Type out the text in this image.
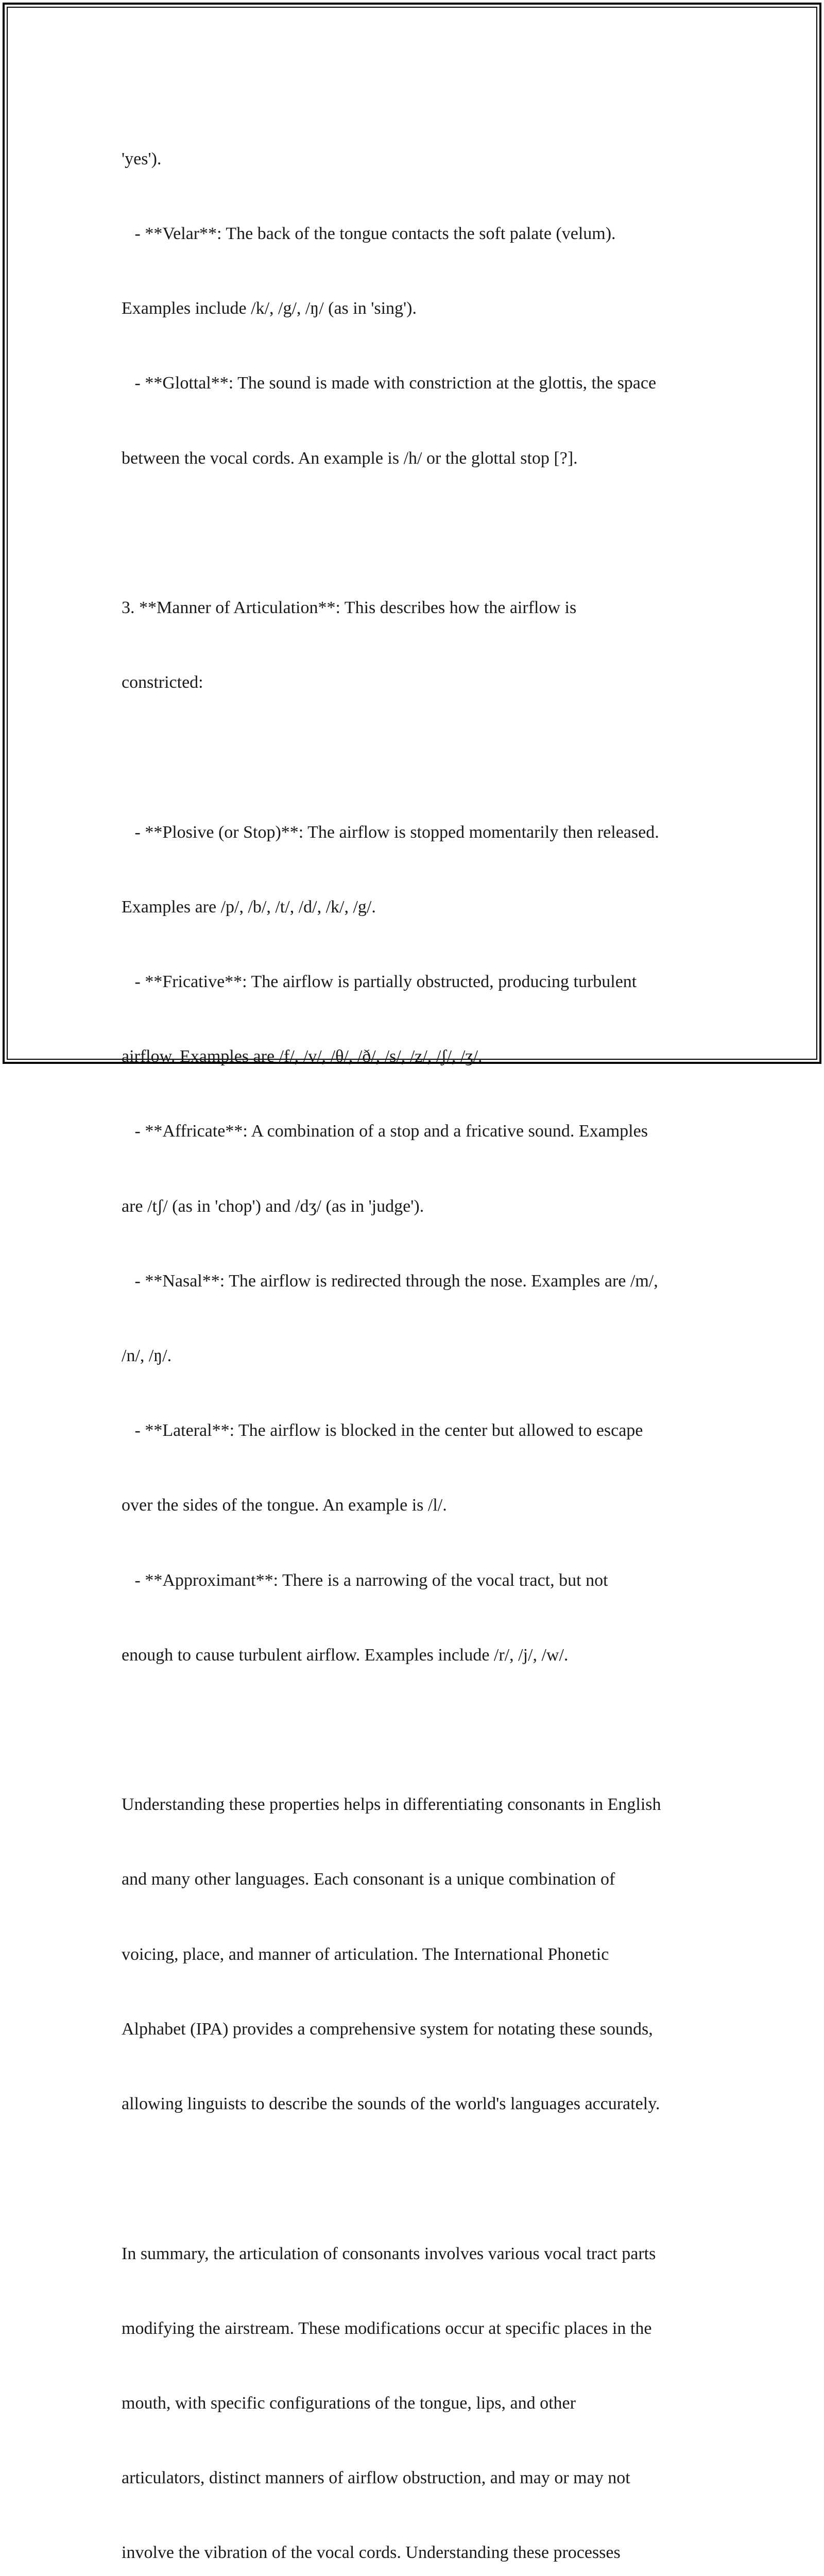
'yes').

- **Velar**: The back of the tongue contacts the soft palate (velum).

Examples include /k/, /g/, /ŋ/ (as in 'sing').

- **Glottal**: The sound is made with constriction at the glottis, the space

between the vocal cords. An example is /h/ or the glottal stop [?].

3. **Manner of Articulation**: This describes how the airflow is

constricted:

- **Plosive (or Stop)**: The airflow is stopped momentarily then released.

Examples are /p/, /b/, /t/, /d/, /k/, /g/.

- **Fricative**: The airflow is partially obstructed, producing turbulent

airflow. Examples are /f/, /v/, /θ/, /ð/, /s/, /z/, /ʃ/, /ʒ/.

- **Affricate**: A combination of a stop and a fricative sound. Examples

are /tʃ/ (as in 'chop') and /dʒ/ (as in 'judge').

- **Nasal**: The airflow is redirected through the nose. Examples are /m/,

/n/, /ŋ/.

- **Lateral**: The airflow is blocked in the center but allowed to escape

over the sides of the tongue. An example is /l/.

- **Approximant**: There is a narrowing of the vocal tract, but not

enough to cause turbulent airflow. Examples include /r/, /j/, /w/.

Understanding these properties helps in differentiating consonants in English

and many other languages. Each consonant is a unique combination of

voicing, place, and manner of articulation. The International Phonetic

Alphabet (IPA) provides a comprehensive system for notating these sounds,

allowing linguists to describe the sounds of the world's languages accurately.

In summary, the articulation of consonants involves various vocal tract parts

modifying the airstream. These modifications occur at specific places in the

mouth, with specific configurations of the tongue, lips, and other

articulators, distinct manners of airflow obstruction, and may or may not

involve the vibration of the vocal cords. Understanding these processes
